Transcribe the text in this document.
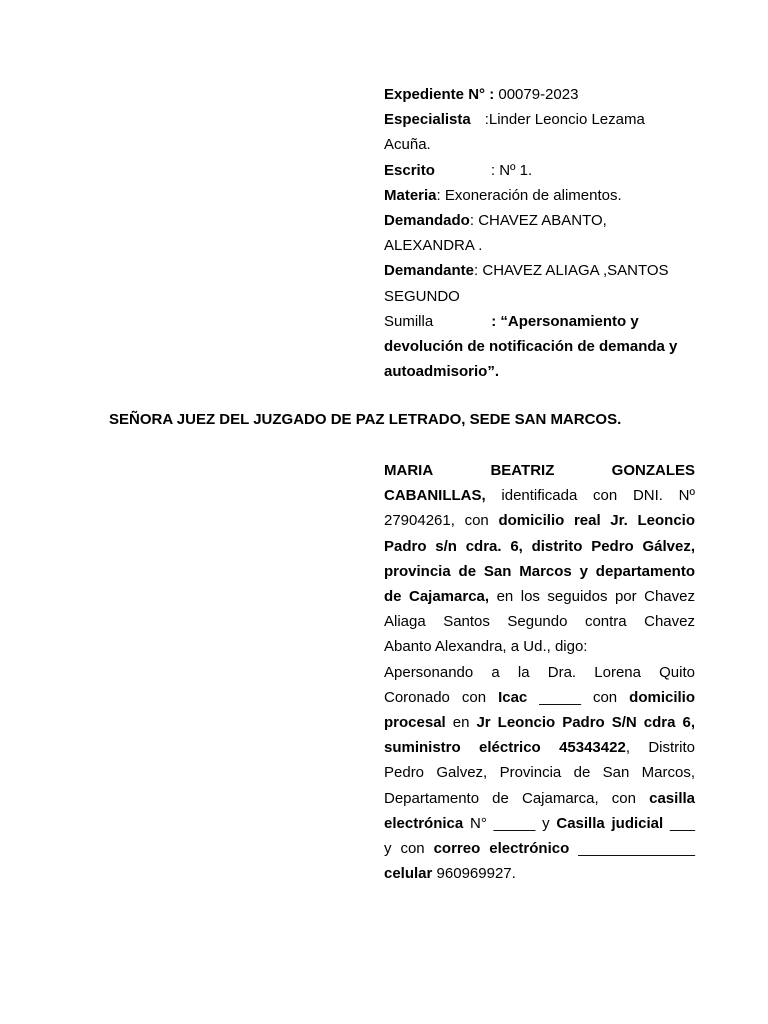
Expediente N° : 00079-2023
Especialista :Linder Leoncio Lezama
Acuña.
Escrito	: Nº 1.
Materia: Exoneración de alimentos.
Demandado: CHAVEZ ABANTO,
ALEXANDRA .
Demandante: CHAVEZ ALIAGA ,SANTOS
SEGUNDO
Sumilla	: “Apersonamiento y
devolución de notificación de demanda y
autoadmisorio”.
SEÑORA JUEZ DEL JUZGADO DE PAZ LETRADO, SEDE SAN MARCOS.
MARIA	BEATRIZ	GONZALES
CABANILLAS, identificada con DNI. Nº
27904261, con domicilio real Jr. Leoncio
Padro s/n cdra. 6, distrito Pedro Gálvez,
provincia de San Marcos y departamento
de Cajamarca, en los seguidos por Chavez
Aliaga Santos Segundo contra Chavez
Abanto Alexandra, a Ud., digo:
Apersonando a la Dra. Lorena Quito
Coronado con Icac _____ con domicilio
procesal en Jr Leoncio Padro S/N cdra 6,
suministro eléctrico 45343422, Distrito
Pedro Galvez, Provincia de San Marcos,
Departamento de Cajamarca, con casilla
electrónica N° _____ y Casilla judicial ___
y con correo electrónico ______________
celular 960969927.
